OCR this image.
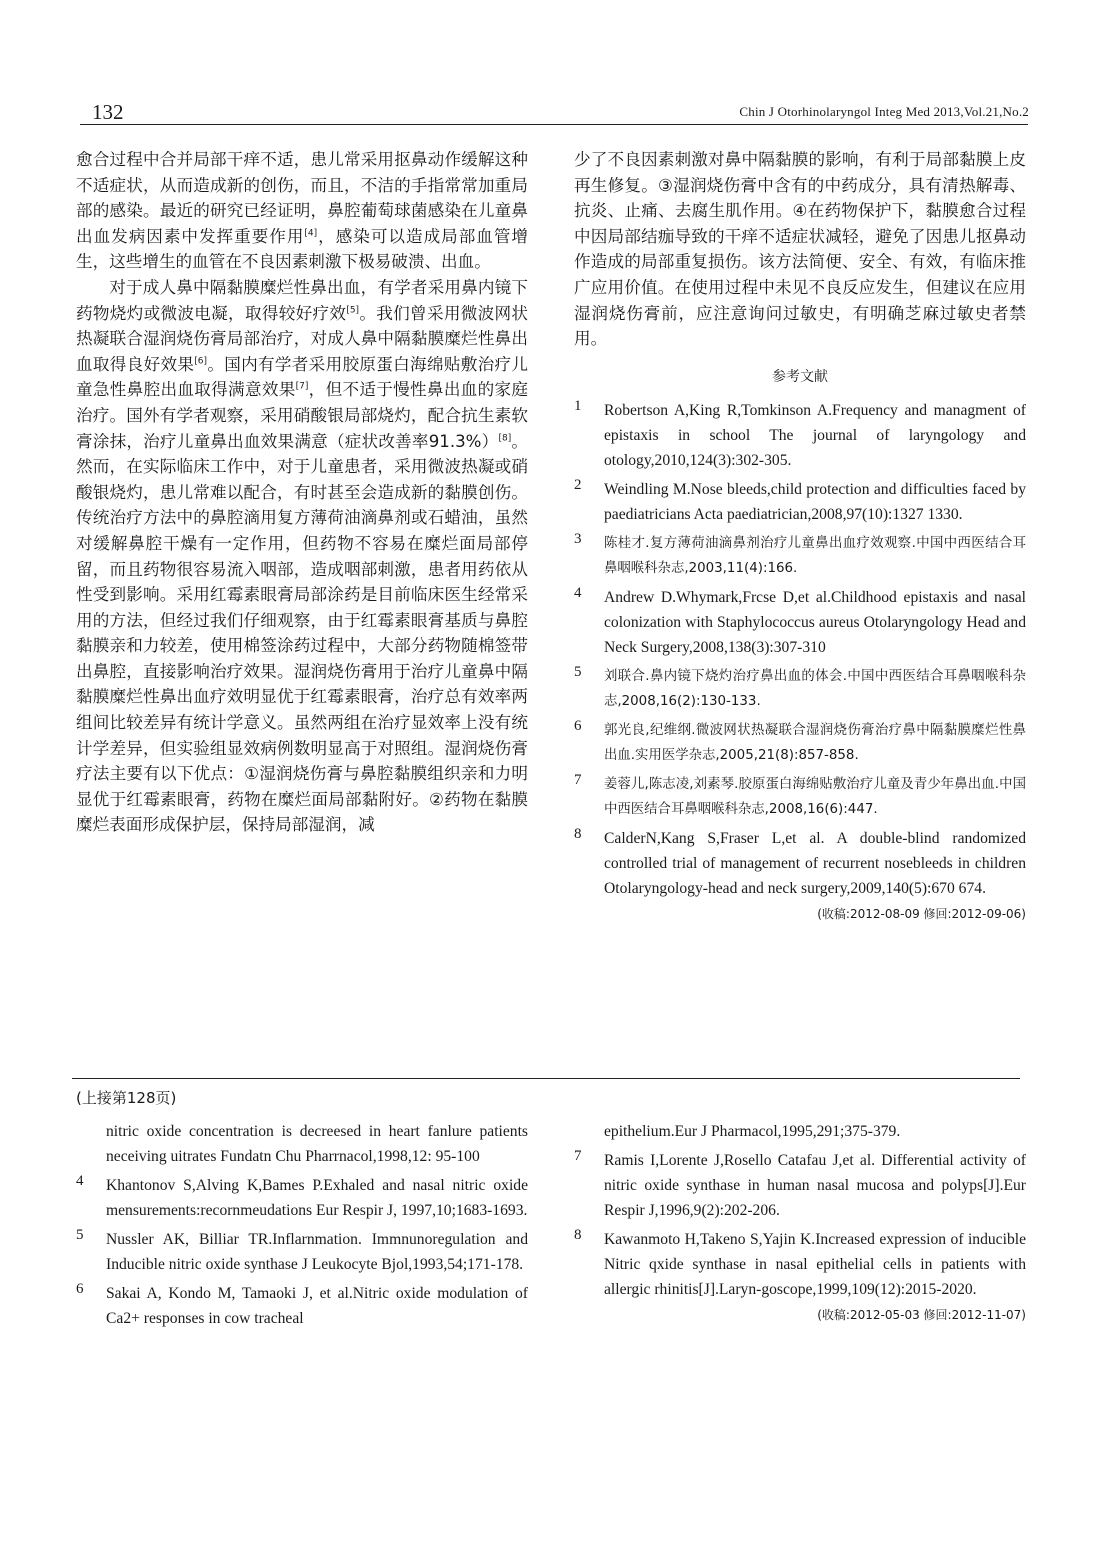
132	Chin J Otorhinolaryngol Integ Med 2013,Vol.21,No.2

愈合过程中合并局部干痒不适，患儿常采用抠鼻动作缓解这种不适症状，从而造成新的创伤，而且，不洁的手指常常加重局部的感染。最近的研究已经证明，鼻腔葡萄球菌感染在儿童鼻出血发病因素中发挥重要作用[4]，感染可以造成局部血管增生，这些增生的血管在不良因素刺激下极易破溃、出血。

对于成人鼻中隔黏膜糜烂性鼻出血，有学者采用鼻内镜下药物烧灼或微波电凝，取得较好疗效[5]。我们曾采用微波网状热凝联合湿润烧伤膏局部治疗，对成人鼻中隔黏膜糜烂性鼻出血取得良好效果[6]。国内有学者采用胶原蛋白海绵贴敷治疗儿童急性鼻腔出血取得满意效果[7]，但不适于慢性鼻出血的家庭治疗。国外有学者观察，采用硝酸银局部烧灼，配合抗生素软膏涂抹，治疗儿童鼻出血效果满意（症状改善率91.3%）[8]。然而，在实际临床工作中，对于儿童患者，采用微波热凝或硝酸银烧灼，患儿常难以配合，有时甚至会造成新的黏膜创伤。传统治疗方法中的鼻腔滴用复方薄荷油滴鼻剂或石蜡油，虽然对缓解鼻腔干燥有一定作用，但药物不容易在糜烂面局部停留，而且药物很容易流入咽部，造成咽部刺激，患者用药依从性受到影响。采用红霉素眼膏局部涂药是目前临床医生经常采用的方法，但经过我们仔细观察，由于红霉素眼膏基质与鼻腔黏膜亲和力较差，使用棉签涂药过程中，大部分药物随棉签带出鼻腔，直接影响治疗效果。湿润烧伤膏用于治疗儿童鼻中隔黏膜糜烂性鼻出血疗效明显优于红霉素眼膏，治疗总有效率两组间比较差异有统计学意义。虽然两组在治疗显效率上没有统计学差异，但实验组显效病例数明显高于对照组。湿润烧伤膏疗法主要有以下优点：①湿润烧伤膏与鼻腔黏膜组织亲和力明显优于红霉素眼膏，药物在糜烂面局部黏附好。②药物在黏膜糜烂表面形成保护层，保持局部湿润，减

少了不良因素刺激对鼻中隔黏膜的影响，有利于局部黏膜上皮再生修复。③湿润烧伤膏中含有的中药成分，具有清热解毒、抗炎、止痛、去腐生肌作用。④在药物保护下，黏膜愈合过程中因局部结痂导致的干痒不适症状减轻，避免了因患儿抠鼻动作造成的局部重复损伤。该方法简便、安全、有效，有临床推广应用价值。在使用过程中未见不良反应发生，但建议在应用湿润烧伤膏前，应注意询问过敏史，有明确芝麻过敏史者禁用。

参考文献
1	Robertson A,King R,Tomkinson A.Frequency and managment of epistaxis in school The journal of laryngology and otology,2010,124(3):302-305.
2	Weindling M.Nose bleeds,child protection and difficulties faced by paediatricians Acta paediatrician,2008,97(10):1327 1330.
3	陈桂才.复方薄荷油滴鼻剂治疗儿童鼻出血疗效观察.中国中西医结合耳鼻咽喉科杂志,2003,11(4):166.
4	Andrew D.Whymark,Frcse D,et al.Childhood epistaxis and nasal colonization with Staphylococcus aureus Otolaryngology Head and Neck Surgery,2008,138(3):307-310
5	刘联合.鼻内镜下烧灼治疗鼻出血的体会.中国中西医结合耳鼻咽喉科杂志,2008,16(2):130-133.
6	郭光良,纪维纲.微波网状热凝联合湿润烧伤膏治疗鼻中隔黏膜糜烂性鼻出血.实用医学杂志,2005,21(8):857-858.
7	姜蓉儿,陈志凌,刘素琴.胶原蛋白海绵贴敷治疗儿童及青少年鼻出血.中国中西医结合耳鼻咽喉科杂志,2008,16(6):447.
8	CalderN,Kang S,Fraser L,et al. A double-blind randomized controlled trial of management of recurrent nosebleeds in children Otolaryngology-head and neck surgery,2009,140(5):670 674.
(收稿:2012-08-09 修回:2012-09-06)
(上接第128页)
nitric oxide concentration is decreesed in heart fanlure patients neceiving uitrates Fundatn Chu Pharrnacol,1998,12: 95-100
4	Khantonov S,Alving K,Bames P.Exhaled and nasal nitric oxide mensurements:recornmeudations Eur Respir J, 1997,10;1683-1693.
5	Nussler AK, Billiar TR.Inflarnmation. Immnunoregulation and Inducible nitric oxide synthase J Leukocyte Bjol,1993,54;171-178.
6	Sakai A, Kondo M, Tamaoki J, et al.Nitric oxide modulation of Ca2+ responses in cow tracheal
epithelium.Eur J Pharmacol,1995,291;375-379.
7	Ramis I,Lorente J,Rosello Catafau J,et al. Differential activity of nitric oxide synthase in human nasal mucosa and polyps[J].Eur Respir J,1996,9(2):202-206.
8	Kawanmoto H,Takeno S,Yajin K.Increased expression of inducible Nitric qxide synthase in nasal epithelial cells in patients with allergic rhinitis[J].Laryn-goscope,1999,109(12):2015-2020.
(收稿:2012-05-03 修回:2012-11-07)
